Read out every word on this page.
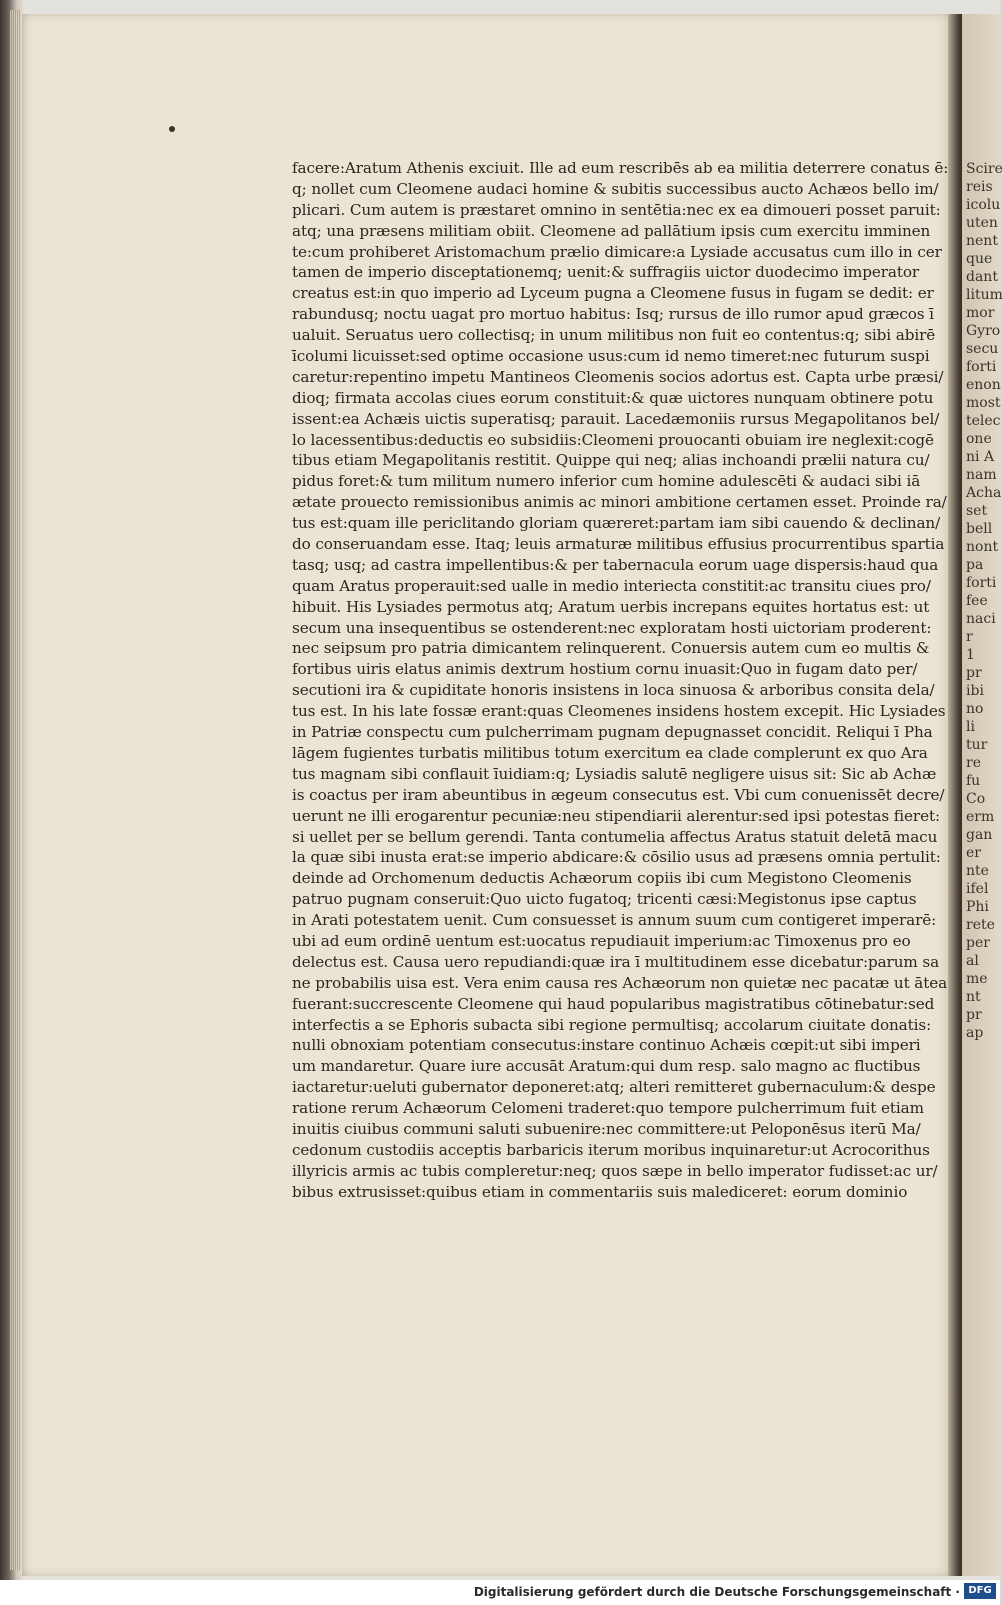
Scire
reis
icolu
uten
nent
que
dant
litum
mor
Gyro
secu
forti
enon
most
telec
one
ni A
nam
Acha
set
bell
nont
pa
forti
fee
naci
r
1
pr
ibi
no
li
tur
re
fu
Co
erm
gan
er
nte
ifel
Phi
rete
per
al
me
nt
pr
ap
facere:Aratum Athenis exciuit. Ille ad eum rescribēs ab ea militia deterrere conatus ē:
q; nollet cum Cleomene audaci homine & subitis successibus aucto Achæos bello im/
plicari. Cum autem is præstaret omnino in sentētia:nec ex ea dimoueri posset paruit:
atq; una præsens militiam obiit. Cleomene ad pallātium ipsis cum exercitu imminen
te:cum prohiberet Aristomachum prælio dimicare:a Lysiade accusatus cum illo in cer
tamen de imperio disceptationemq; uenit:& suffragiis uictor duodecimo imperator
creatus est:in quo imperio ad Lyceum pugna a Cleomene fusus in fugam se dedit: er
rabundusq; noctu uagat pro mortuo habitus: Isq; rursus de illo rumor apud græcos ī
ualuit. Seruatus uero collectisq; in unum militibus non fuit eo contentus:q; sibi abirē
īcolumi licuisset:sed optime occasione usus:cum id nemo timeret:nec futurum suspi
caretur:repentino impetu Mantineos Cleomenis socios adortus est. Capta urbe præsi/
dioq; firmata accolas ciues eorum constituit:& quæ uictores nunquam obtinere potu
issent:ea Achæis uictis superatisq; parauit. Lacedæmoniis rursus Megapolitanos bel/
lo lacessentibus:deductis eo subsidiis:Cleomeni prouocanti obuiam ire neglexit:cogē
tibus etiam Megapolitanis restitit. Quippe qui neq; alias inchoandi prælii natura cu/
pidus foret:& tum militum numero inferior cum homine adulescēti & audaci sibi iā
ætate prouecto remissionibus animis ac minori ambitione certamen esset. Proinde ra/
tus est:quam ille periclitando gloriam quæreret:partam iam sibi cauendo & declinan/
do conseruandam esse. Itaq; leuis armaturæ militibus effusius procurrentibus spartia
tasq; usq; ad castra impellentibus:& per tabernacula eorum uage dispersis:haud qua
quam Aratus properauit:sed ualle in medio interiecta constitit:ac transitu ciues pro/
hibuit. His Lysiades permotus atq; Aratum uerbis increpans equites hortatus est: ut
secum una insequentibus se ostenderent:nec exploratam hosti uictoriam proderent:
nec seipsum pro patria dimicantem relinquerent. Conuersis autem cum eo multis &
fortibus uiris elatus animis dextrum hostium cornu inuasit:Quo in fugam dato per/
secutioni ira & cupiditate honoris insistens in loca sinuosa & arboribus consita dela/
tus est. In his late fossæ erant:quas Cleomenes insidens hostem excepit. Hic Lysiades
in Patriæ conspectu cum pulcherrimam pugnam depugnasset concidit. Reliqui ī Pha
lāgem fugientes turbatis militibus totum exercitum ea clade complerunt ex quo Ara
tus magnam sibi conflauit īuidiam:q; Lysiadis salutē negligere uisus sit: Sic ab Achæ
is coactus per iram abeuntibus in ægeum consecutus est. Vbi cum conuenissēt decre/
uerunt ne illi erogarentur pecuniæ:neu stipendiarii alerentur:sed ipsi potestas fieret:
si uellet per se bellum gerendi. Tanta contumelia affectus Aratus statuit deletā macu
la quæ sibi inusta erat:se imperio abdicare:& cōsilio usus ad præsens omnia pertulit:
deinde ad Orchomenum deductis Achæorum copiis ibi cum Megistono Cleomenis
patruo pugnam conseruit:Quo uicto fugatoq; tricenti cæsi:Megistonus ipse captus
in Arati potestatem uenit. Cum consuesset is annum suum cum contigeret imperarē:
ubi ad eum ordinē uentum est:uocatus repudiauit imperium:ac Timoxenus pro eo
delectus est. Causa uero repudiandi:quæ ira ī multitudinem esse dicebatur:parum sa
ne probabilis uisa est. Vera enim causa res Achæorum non quietæ nec pacatæ ut ātea
fuerant:succrescente Cleomene qui haud popularibus magistratibus cōtinebatur:sed
interfectis a se Ephoris subacta sibi regione permultisq; accolarum ciuitate donatis:
nulli obnoxiam potentiam consecutus:instare continuo Achæis cœpit:ut sibi imperi
um mandaretur. Quare iure accusāt Aratum:qui dum resp. salo magno ac fluctibus
iactaretur:ueluti gubernator deponeret:atq; alteri remitteret gubernaculum:& despe
ratione rerum Achæorum Celomeni traderet:quo tempore pulcherrimum fuit etiam
inuitis ciuibus communi saluti subuenire:nec committere:ut Peloponēsus iterū Ma/
cedonum custodiis acceptis barbaricis iterum moribus inquinaretur:ut Acrocorithus
illyricis armis ac tubis compleretur:neq; quos sæpe in bello imperator fudisset:ac ur/
bibus extrusisset:quibus etiam in commentariis suis malediceret: eorum dominio
Digitalisierung gefördert durch die Deutsche Forschungsgemeinschaft · DFG
